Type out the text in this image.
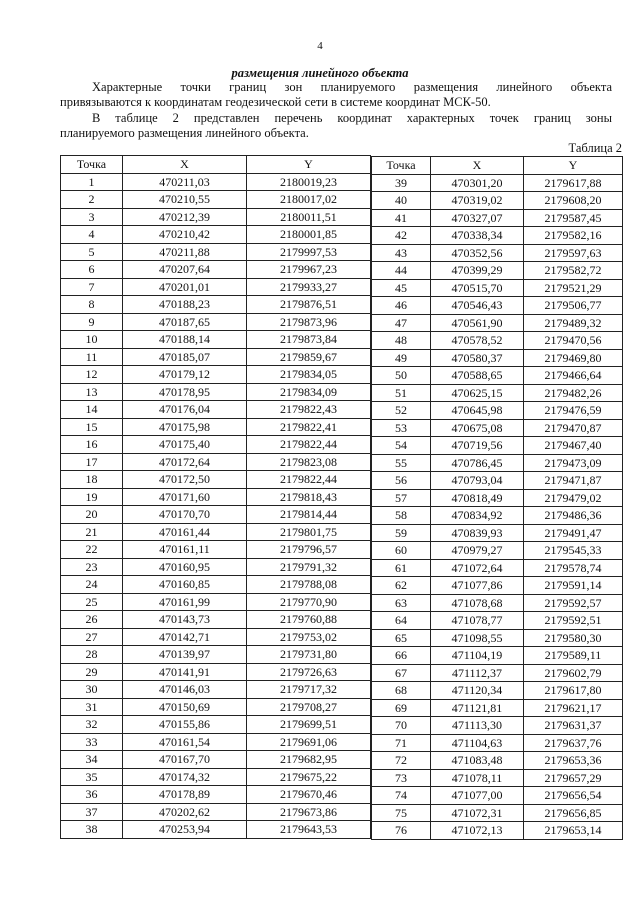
4
размещения линейного объекта
Характерные точки границ зон планируемого размещения линейного объекта
привязываются к координатам геодезической сети в системе координат МСК-50.
В таблице 2 представлен перечень координат характерных точек границ зоны
планируемого размещения линейного объекта.
Таблица 2
Точка	X	Y
1	470211,03	2180019,23
2	470210,55	2180017,02
3	470212,39	2180011,51
4	470210,42	2180001,85
5	470211,88	2179997,53
6	470207,64	2179967,23
7	470201,01	2179933,27
8	470188,23	2179876,51
9	470187,65	2179873,96
10	470188,14	2179873,84
11	470185,07	2179859,67
12	470179,12	2179834,05
13	470178,95	2179834,09
14	470176,04	2179822,43
15	470175,98	2179822,41
16	470175,40	2179822,44
17	470172,64	2179823,08
18	470172,50	2179822,44
19	470171,60	2179818,43
20	470170,70	2179814,44
21	470161,44	2179801,75
22	470161,11	2179796,57
23	470160,95	2179791,32
24	470160,85	2179788,08
25	470161,99	2179770,90
26	470143,73	2179760,88
27	470142,71	2179753,02
28	470139,97	2179731,80
29	470141,91	2179726,63
30	470146,03	2179717,32
31	470150,69	2179708,27
32	470155,86	2179699,51
33	470161,54	2179691,06
34	470167,70	2179682,95
35	470174,32	2179675,22
36	470178,89	2179670,46
37	470202,62	2179673,86
38	470253,94	2179643,53
Точка	X	Y
39	470301,20	2179617,88
40	470319,02	2179608,20
41	470327,07	2179587,45
42	470338,34	2179582,16
43	470352,56	2179597,63
44	470399,29	2179582,72
45	470515,70	2179521,29
46	470546,43	2179506,77
47	470561,90	2179489,32
48	470578,52	2179470,56
49	470580,37	2179469,80
50	470588,65	2179466,64
51	470625,15	2179482,26
52	470645,98	2179476,59
53	470675,08	2179470,87
54	470719,56	2179467,40
55	470786,45	2179473,09
56	470793,04	2179471,87
57	470818,49	2179479,02
58	470834,92	2179486,36
59	470839,93	2179491,47
60	470979,27	2179545,33
61	471072,64	2179578,74
62	471077,86	2179591,14
63	471078,68	2179592,57
64	471078,77	2179592,51
65	471098,55	2179580,30
66	471104,19	2179589,11
67	471112,37	2179602,79
68	471120,34	2179617,80
69	471121,81	2179621,17
70	471113,30	2179631,37
71	471104,63	2179637,76
72	471083,48	2179653,36
73	471078,11	2179657,29
74	471077,00	2179656,54
75	471072,31	2179656,85
76	471072,13	2179653,14
